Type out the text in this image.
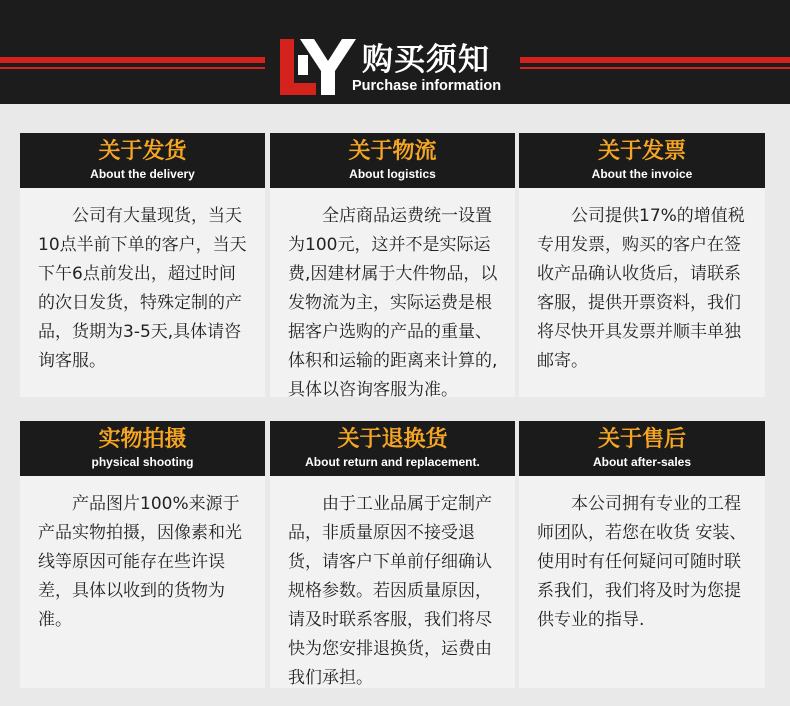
购买须知
Purchase information
关于发货
About the delivery
公司有大量现货，当天10点半前下单的客户，当天下午6点前发出，超过时间的次日发货，特殊定制的产品，货期为3-5天,具体请咨询客服。
关于物流
About logistics
全店商品运费统一设置为100元，这并不是实际运费,因建材属于大件物品，以发物流为主，实际运费是根据客户选购的产品的重量、体积和运输的距离来计算的, 具体以咨询客服为准。
关于发票
About the invoice
公司提供17%的增值税专用发票，购买的客户在签收产品确认收货后，请联系客服，提供开票资料，我们将尽快开具发票并顺丰单独邮寄。
实物拍摄
physical shooting
产品图片100%来源于产品实物拍摄，因像素和光线等原因可能存在些许误差，具体以收到的货物为准。
关于退换货
About return and replacement.
由于工业品属于定制产品，非质量原因不接受退货，请客户下单前仔细确认规格参数。若因质量原因，请及时联系客服，我们将尽快为您安排退换货，运费由我们承担。
关于售后
About after-sales
本公司拥有专业的工程师团队，若您在收货 安装、使用时有任何疑问可随时联系我们，我们将及时为您提供专业的指导.
